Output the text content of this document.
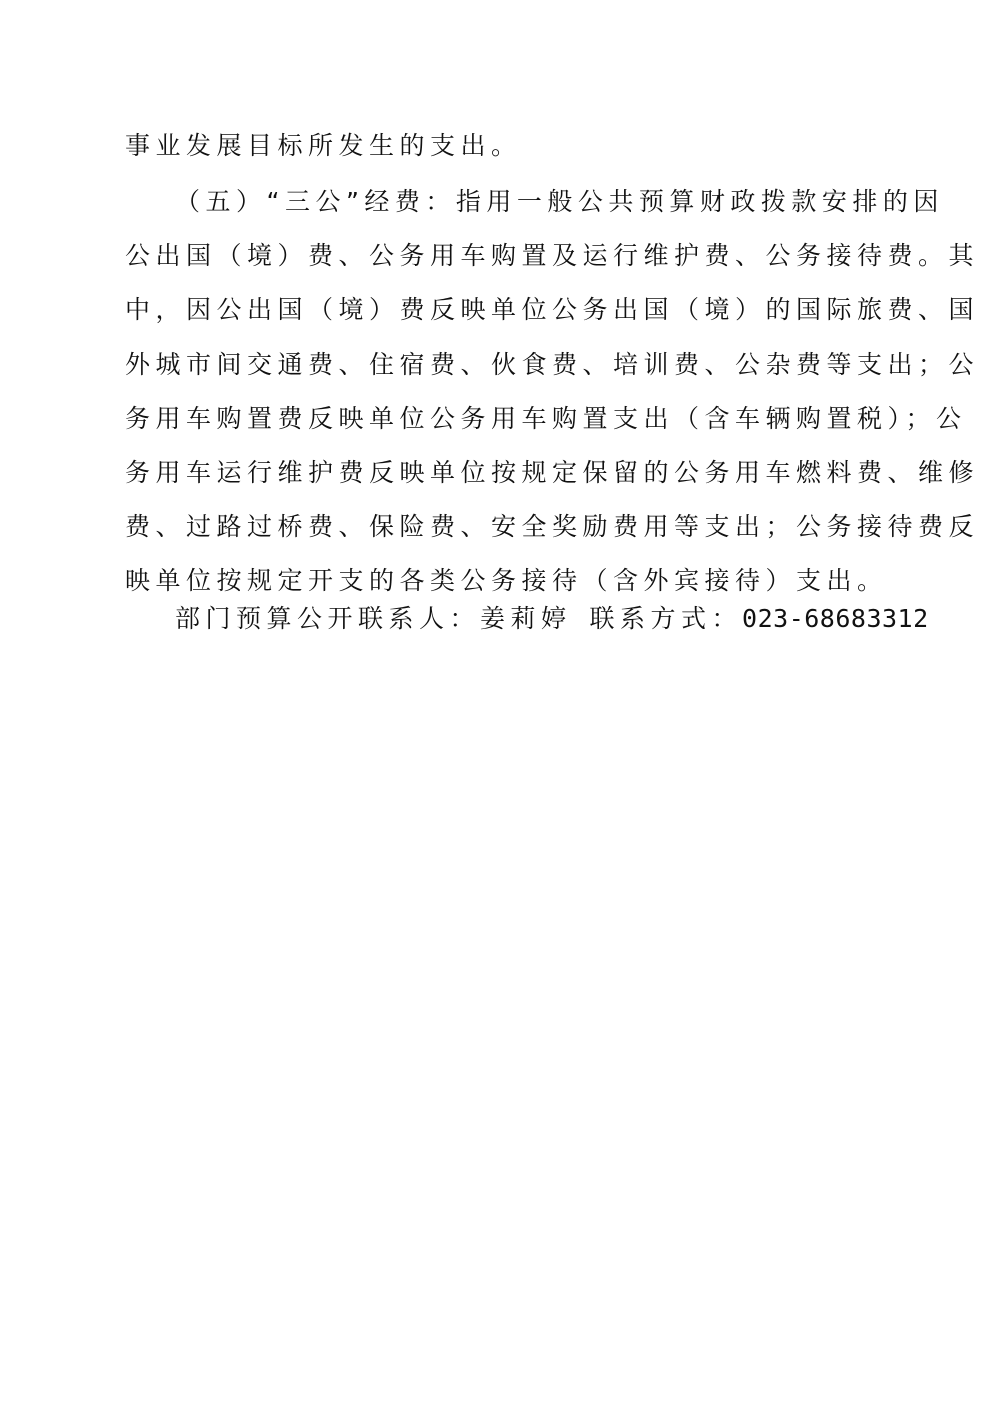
事业发展目标所发生的支出。
（五）“三公”经费：指用一般公共预算财政拨款安排的因
公出国（境）费、公务用车购置及运行维护费、公务接待费。其
中，因公出国（境）费反映单位公务出国（境）的国际旅费、国
外城市间交通费、住宿费、伙食费、培训费、公杂费等支出；公
务用车购置费反映单位公务用车购置支出（含车辆购置税）；公
务用车运行维护费反映单位按规定保留的公务用车燃料费、维修
费、过路过桥费、保险费、安全奖励费用等支出；公务接待费反
映单位按规定开支的各类公务接待（含外宾接待）支出。
部门预算公开联系人：姜莉婷 联系方式：023-68683312
